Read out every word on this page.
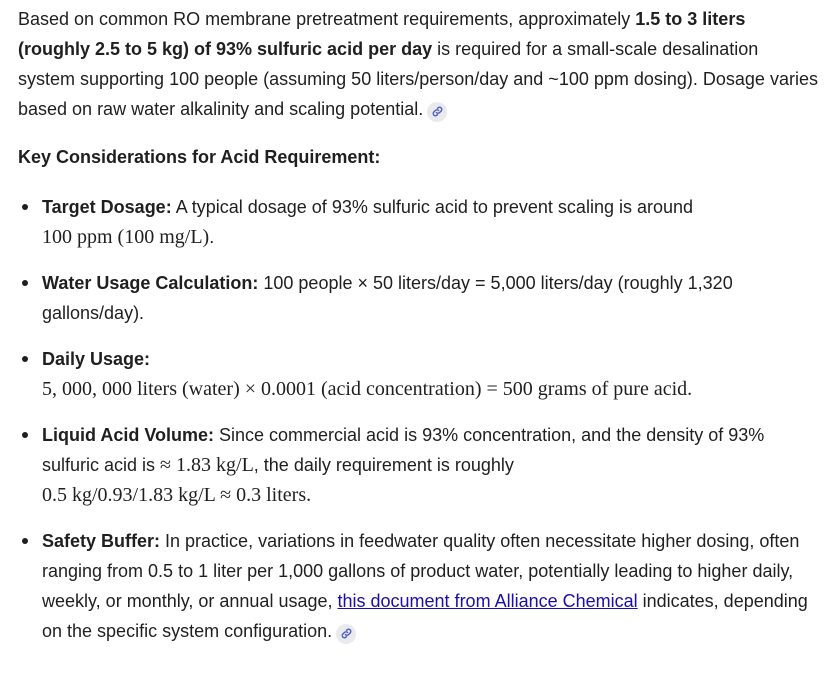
Based on common RO membrane pretreatment requirements, approximately 1.5 to 3 liters (roughly 2.5 to 5 kg) of 93% sulfuric acid per day is required for a small-scale desalination system supporting 100 people (assuming 50 liters/person/day and ~100 ppm dosing). Dosage varies based on raw water alkalinity and scaling potential.

Key Considerations for Acid Requirement:
Target Dosage: A typical dosage of 93% sulfuric acid to prevent scaling is around
100 ppm (100 mg/L).
Water Usage Calculation: 100 people × 50 liters/day = 5,000 liters/day (roughly 1,320 gallons/day).
Daily Usage:
5, 000, 000 liters (water) × 0.0001 (acid concentration) = 500 grams of pure acid.
Liquid Acid Volume: Since commercial acid is 93% concentration, and the density of 93% sulfuric acid is ≈ 1.83 kg/L, the daily requirement is roughly
0.5 kg/0.93/1.83 kg/L ≈ 0.3 liters.
Safety Buffer: In practice, variations in feedwater quality often necessitate higher dosing, often ranging from 0.5 to 1 liter per 1,000 gallons of product water, potentially leading to higher daily, weekly, or monthly, or annual usage, this document from Alliance Chemical indicates, depending on the specific system configuration.
